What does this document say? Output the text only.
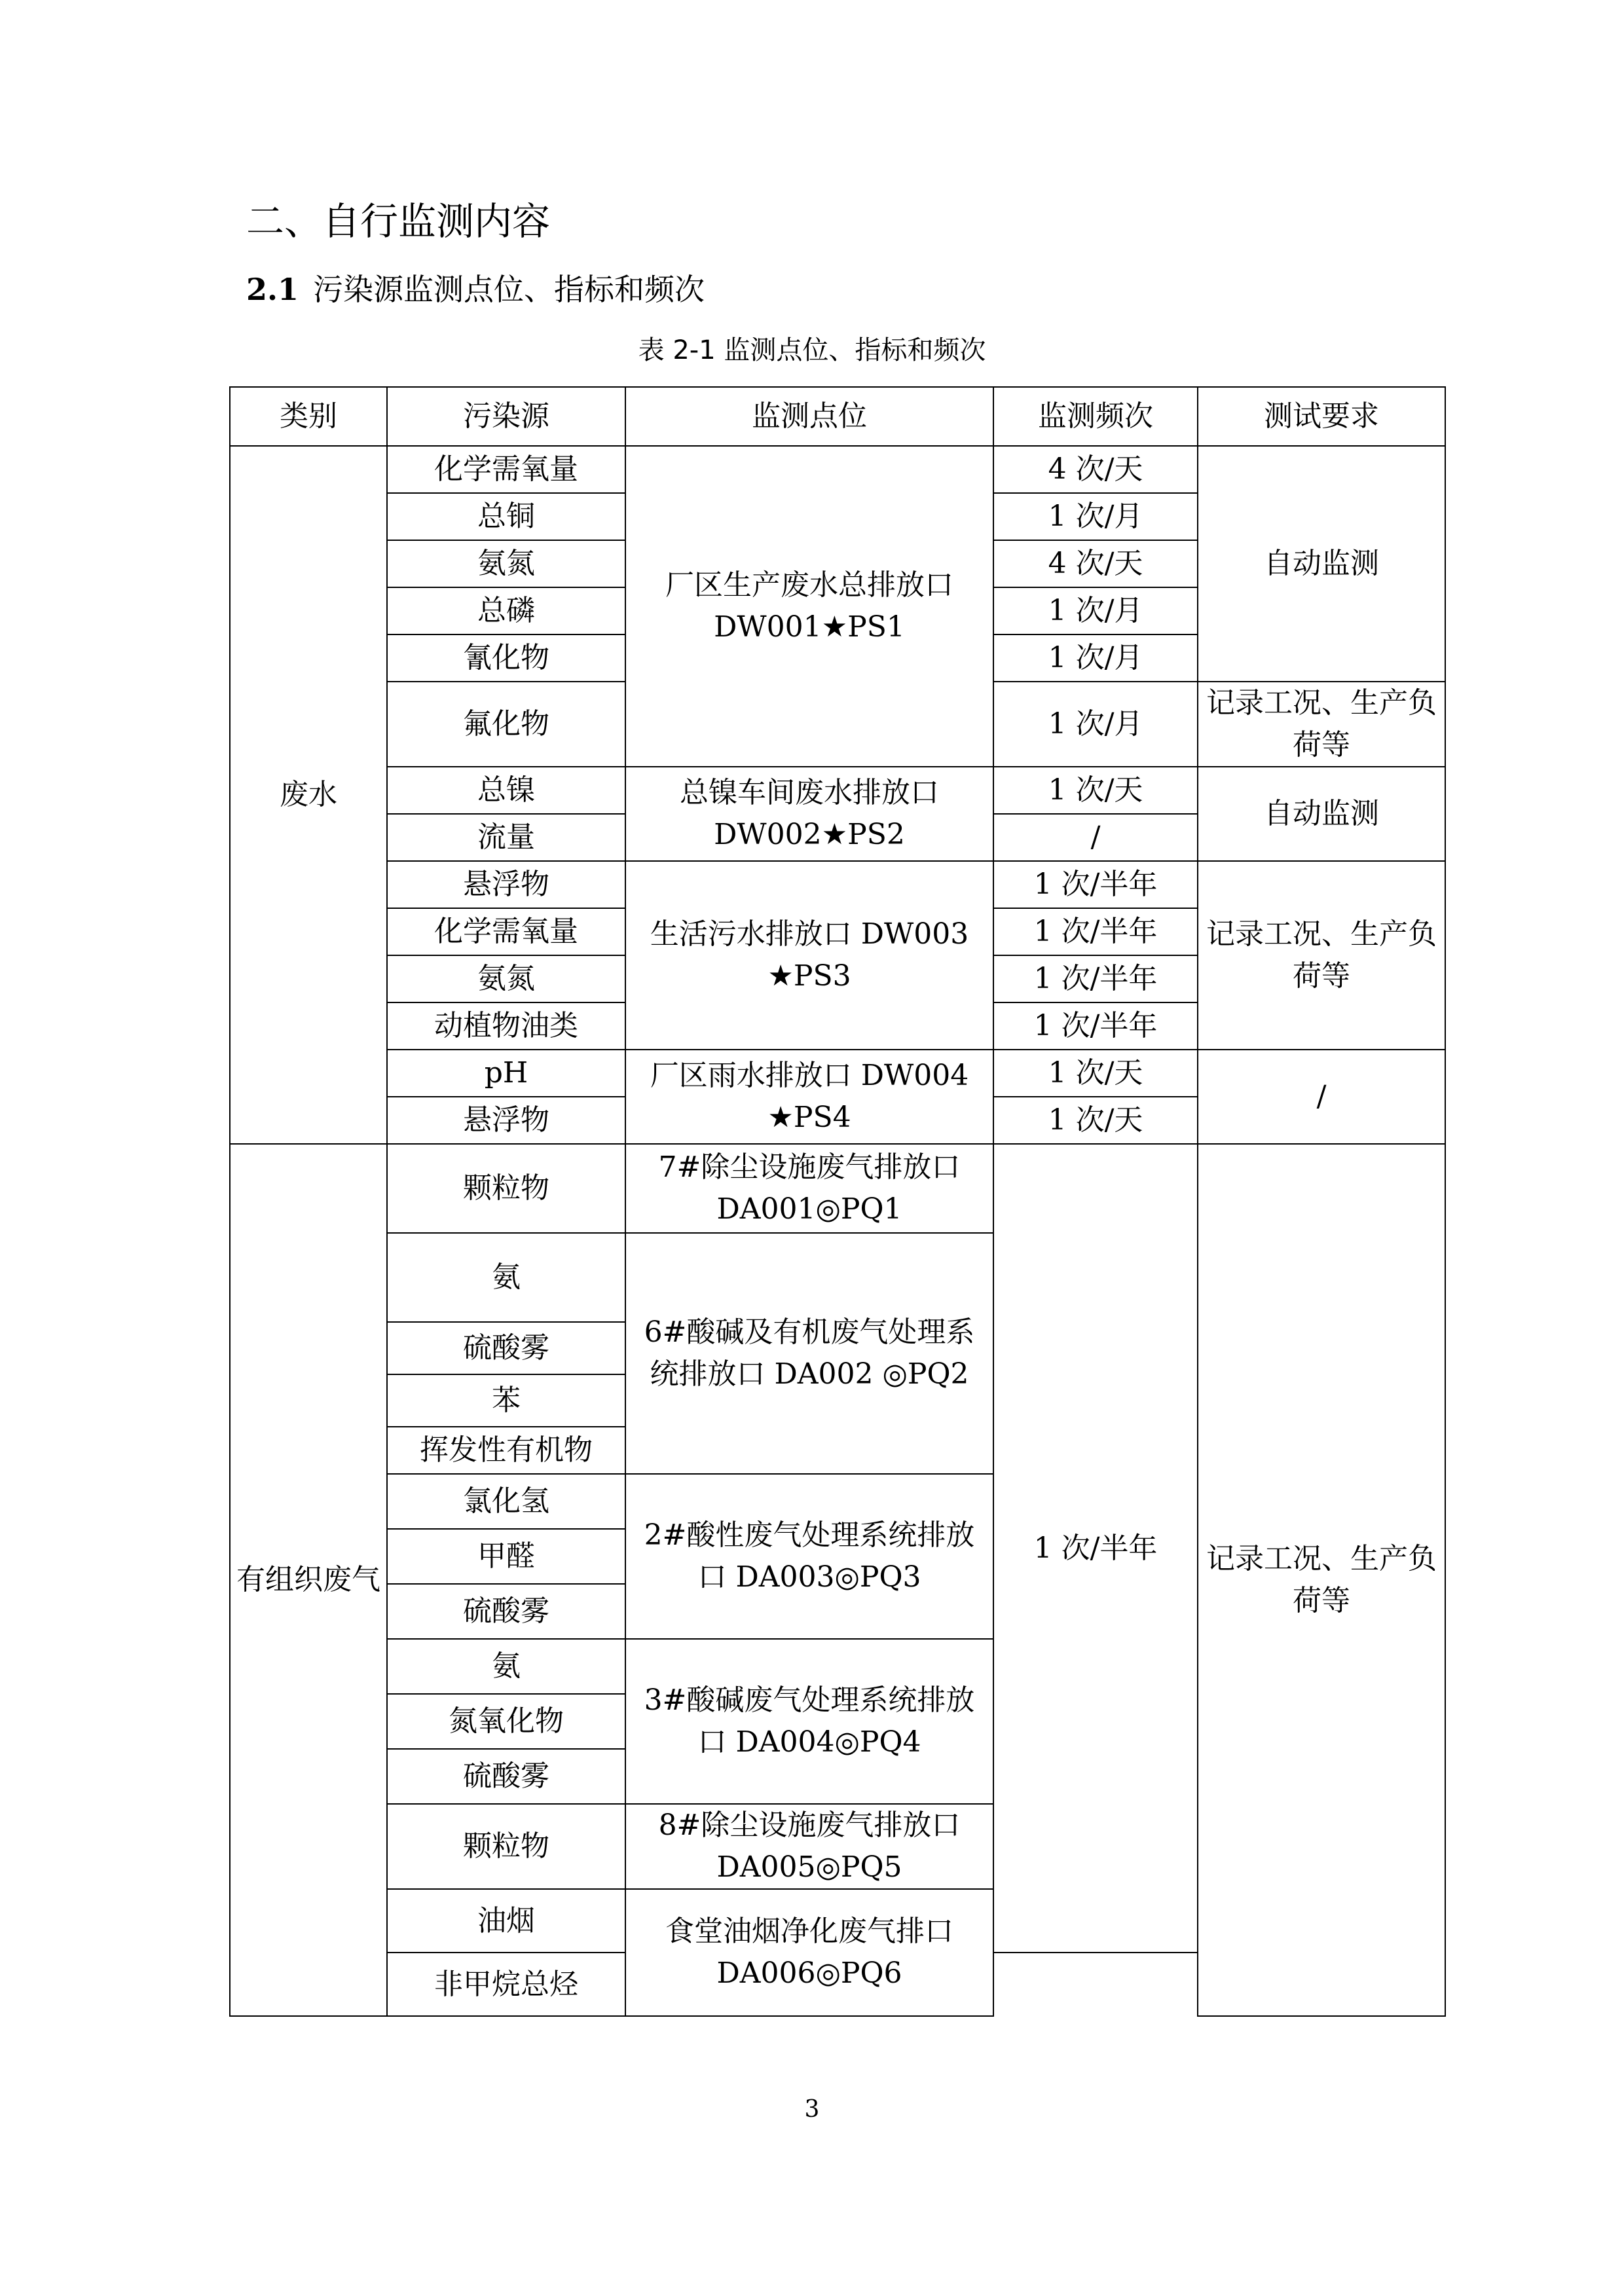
二、自行监测内容
2.1 污染源监测点位、指标和频次
表 2-1 监测点位、指标和频次
类别	污染源	监测点位	监测频次	测试要求	
废水	化学需氧量	厂区生产废水总排放口 DW001★PS1	4 次/天	自动监测	
	总铜		1 次/月		
	氨氮		4 次/天		
	总磷		1 次/月		
	氰化物		1 次/月		
	氟化物		1 次/月	记录工况、生产负荷等	
	总镍	总镍车间废水排放口 DW002★PS2	1 次/天	自动监测	
	流量		/		
	悬浮物	生活污水排放口 DW003 ★PS3	1 次/半年	记录工况、生产负荷等	
	化学需氧量		1 次/半年		
	氨氮		1 次/半年		
	动植物油类		1 次/半年		
	pH	厂区雨水排放口 DW004 ★PS4	1 次/天	/	
	悬浮物		1 次/天		
有组织废气	颗粒物	7#除尘设施废气排放口 DA001◎PQ1	1 次/半年	记录工况、生产负荷等	
	氨	6#酸碱及有机废气处理系统排放口 DA002 ◎PQ2			
	硫酸雾				
	苯				
	挥发性有机物				
	氯化氢	2#酸性废气处理系统排放口 DA003◎PQ3			
	甲醛				
	硫酸雾				
	氨	3#酸碱废气处理系统排放口 DA004◎PQ4			
	氮氧化物				
	硫酸雾				
	颗粒物	8#除尘设施废气排放口 DA005◎PQ5			
	油烟	食堂油烟净化废气排口 DA006◎PQ6	
	非甲烷总烃				
3
